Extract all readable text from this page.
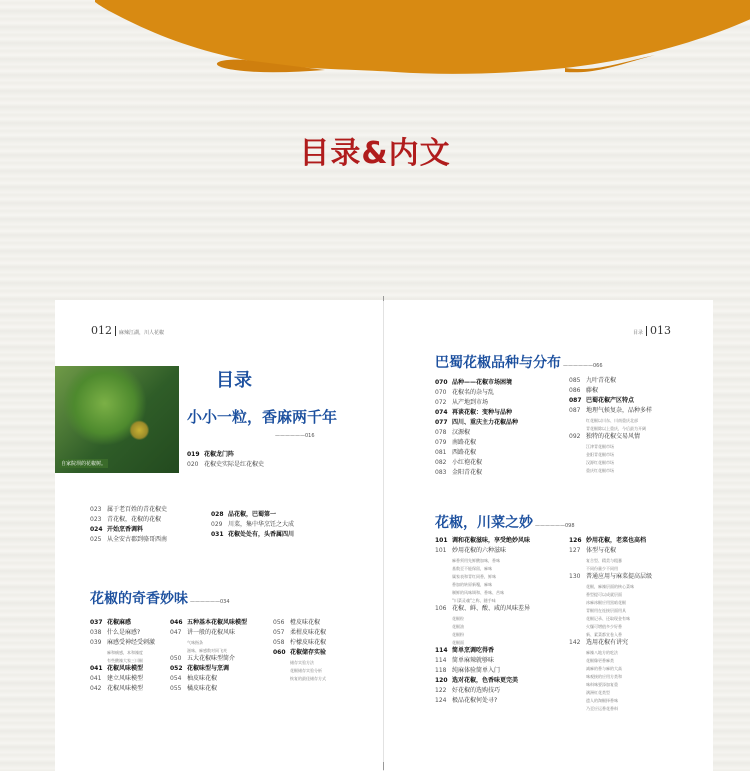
目录&内文
012 麻辣江湖，川人花椒
自家院坝的花椒树。
目录
小小一粒，香麻两千年
——————016
019 花椒龙门阵
020 花椒史实际是红花椒史
023 属于老百姓的青花椒史
023 青花椒，花椒的花椒
024 开始烹香调料
025 从全安古郡到骆哥西南
028 品花椒，巴蜀第一
029 川菜，集中华烹饪之大成
031 花椒处处有，头香属四川
花椒的奇香妙味 ——————034
037 花椒麻感
038 什么是麻感?
039 麻感受神经受刺激
麻和痛感，本和辣度
有些酸辣大家三川椒
041 花椒风味模型
041 建立风味模型
042 花椒风味模型
046 五种基本花椒风味模型
047 讲一般的花椒风味
气味指条
滋味、麻感数对同飞麦
050 五大花椒味型简介
052 花椒味型与烹调
054 柚皮味花椒
055 橘皮味花椒
056 橙皮味花椒
057 柔柑皮味花椒
058 柠檬皮味花椒
060 花椒储存实验
储存实验方法
花椒储存实验分析
恢复的最佳储存方式
目录 013
巴蜀花椒品种与分布 ——————066
070 品种——花椒市场困境
070 花椒名的杂与乱
072 从产地到市场
074 再谈花椒：变种与品种
077 四川、重庆主力花椒品种
078 汉源椒
079 南路花椒
081 西路花椒
082 小红袍花椒
083 金阳青花椒
085 九叶青花椒
086 藤椒
087 巴蜀花椒产区特点
087 地理气候复杂，品种多样
红花椒以川东、川南重庆北部
青花椒除以上重庆，今后最为开阔
092 独特的花椒交易风情
江津青花椒市场
金阳青花椒市场
汉源红花椒市场
重庆红花椒市场
花椒，川菜之妙 ——————098
101 调和花椒滋味，享受绝妙风味
101 妙用花椒的六种滋味
麻香须用先鲜酸加味，香味
基数至不能保留，麻味
属家表和青红同香，鲜味
香加的转原新嘎，麻味
制鲜的风味调和、香味、苦味
"川菜灵魂"之称，随手味
106 花椒、鲜、酸、咸的风味差异
花椒粒
花椒油
花椒粉
花椒面
114 简单烹调吃得香
114 简单麻辣就够味
118 纯麻体验简单入门
120 选对花椒，色香味更完美
122 好花椒的选购技巧
124 极品花椒何处寻?
126 妙用花椒，老菜也高档
127 体型与花椒
复合型、精美与粗暴
不同份量少不同用
130 普通应用与麻菜提高层级
花椒，麻辣层面的核心菜味
香型提可以成就层面
冰麻冰椒应用黑暗花椒
青椒用在连接层面用具
花椒记录、还取现金有味
火爆可增值多少好香
新、素菜都宣卷入香
142 选用花椒有讲究
麻辣八地方的吃法
花椒像更香麻类
减麻的香与麻的大高
味观接的应用方类和
味料味要添加复重
满洲紅花类型
遗人的淘椒择香味
乃至应运香花香料
